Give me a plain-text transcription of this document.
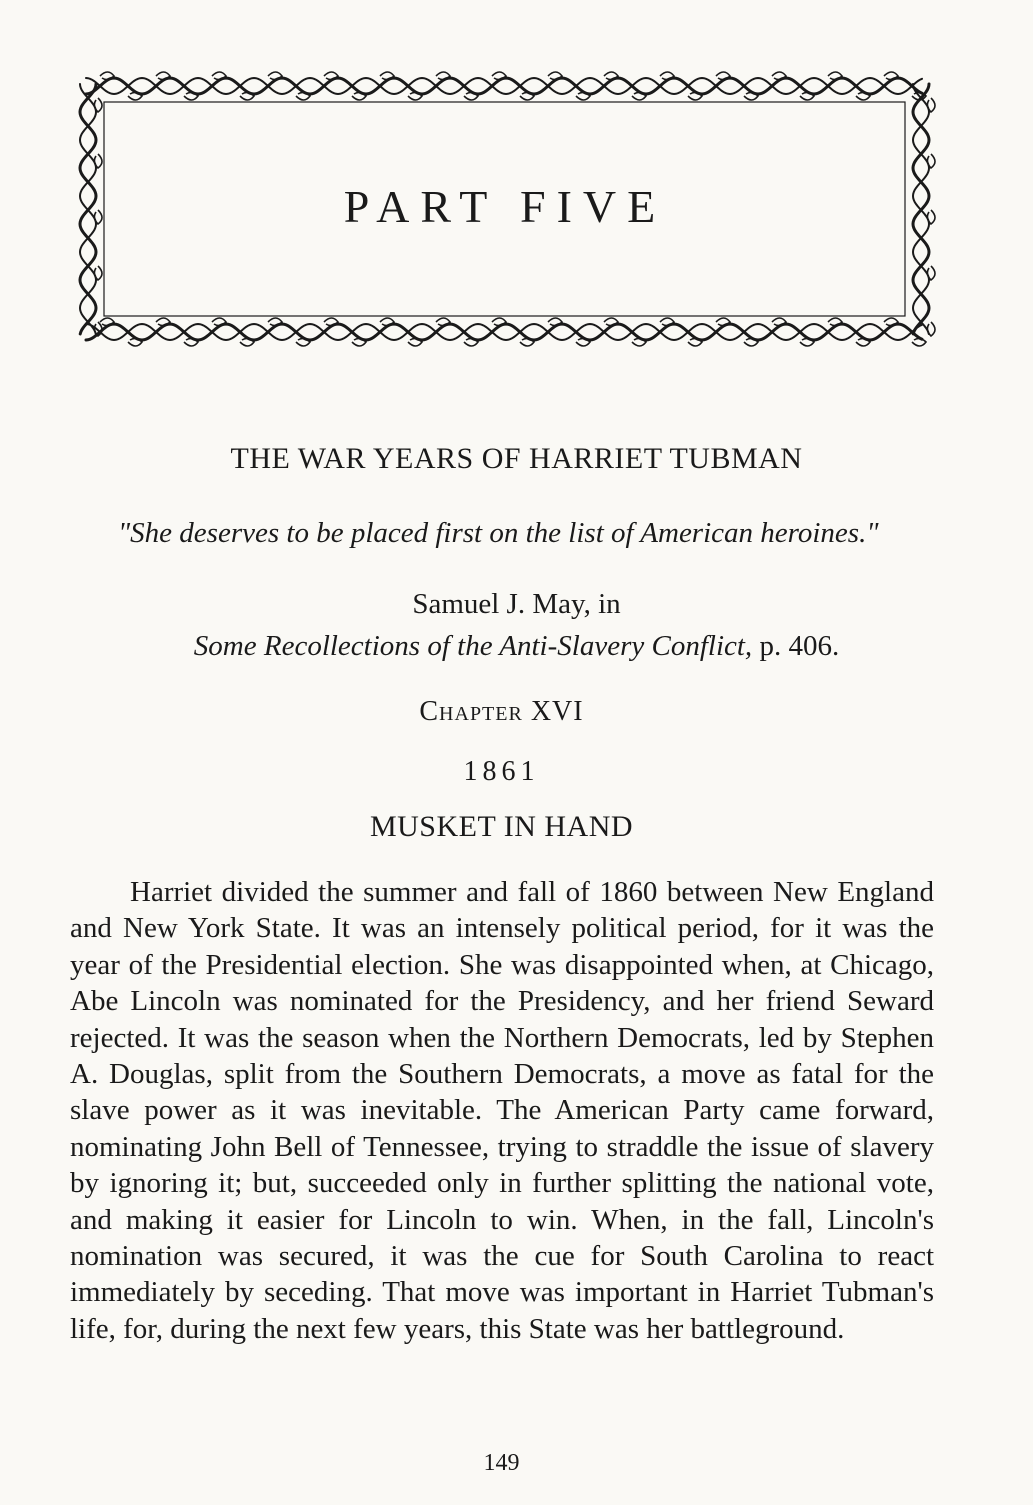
PART FIVE
THE WAR YEARS OF HARRIET TUBMAN
"She deserves to be placed first on the list of American heroines."
Samuel J. May, in
Some Recollections of the Anti-Slavery Conflict, p. 406.
Chapter XVI
1861
MUSKET IN HAND

Harriet divided the summer and fall of 1860 between New England and New York State. It was an intensely political period, for it was the year of the Presidential election. She was disappointed when, at Chicago, Abe Lincoln was nominated for the Presidency, and her friend Seward rejected. It was the season when the Northern Democrats, led by Stephen A. Douglas, split from the Southern Democrats, a move as fatal for the slave power as it was inevitable. The American Party came forward, nominating John Bell of Tennessee, trying to straddle the issue of slavery by ignoring it; but, succeeded only in further splitting the national vote, and making it easier for Lincoln to win. When, in the fall, Lincoln's nomination was secured, it was the cue for South Carolina to react immediately by seceding. That move was important in Harriet Tubman's life, for, during the next few years, this State was her battleground.

149
